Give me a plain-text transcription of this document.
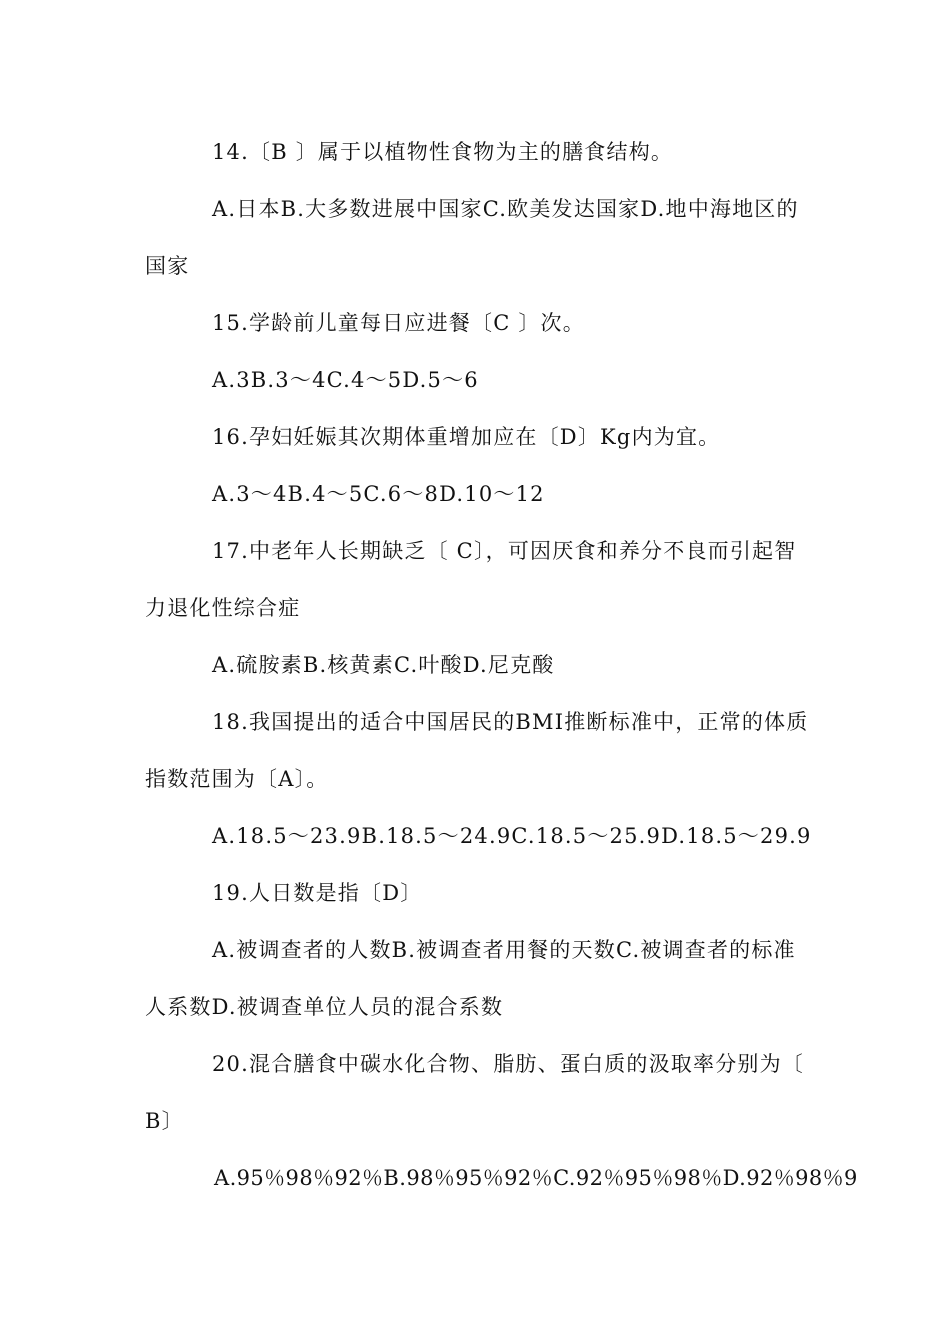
14.〔B 〕属于以植物性食物为主的膳食结构。
A.日本B.大多数进展中国家C.欧美发达国家D.地中海地区的
国家
15.学龄前儿童每日应进餐〔C 〕次。
A.3B.3～4C.4～5D.5～6
16.孕妇妊娠其次期体重增加应在〔D〕Kg内为宜。
A.3～4B.4～5C.6～8D.10～12
17.中老年人长期缺乏〔 C〕，可因厌食和养分不良而引起智
力退化性综合症
A.硫胺素B.核黄素C.叶酸D.尼克酸
18.我国提出的适合中国居民的BMI推断标准中，正常的体质
指数范围为〔A〕。
A.18.5～23.9B.18.5～24.9C.18.5～25.9D.18.5～29.9
19.人日数是指〔D〕
A.被调查者的人数B.被调查者用餐的天数C.被调查者的标准
人系数D.被调查单位人员的混合系数
20.混合膳食中碳水化合物、脂肪、蛋白质的汲取率分别为〔
B〕
A.95％98％92％B.98％95％92％C.92％95％98％D.92％98％9
